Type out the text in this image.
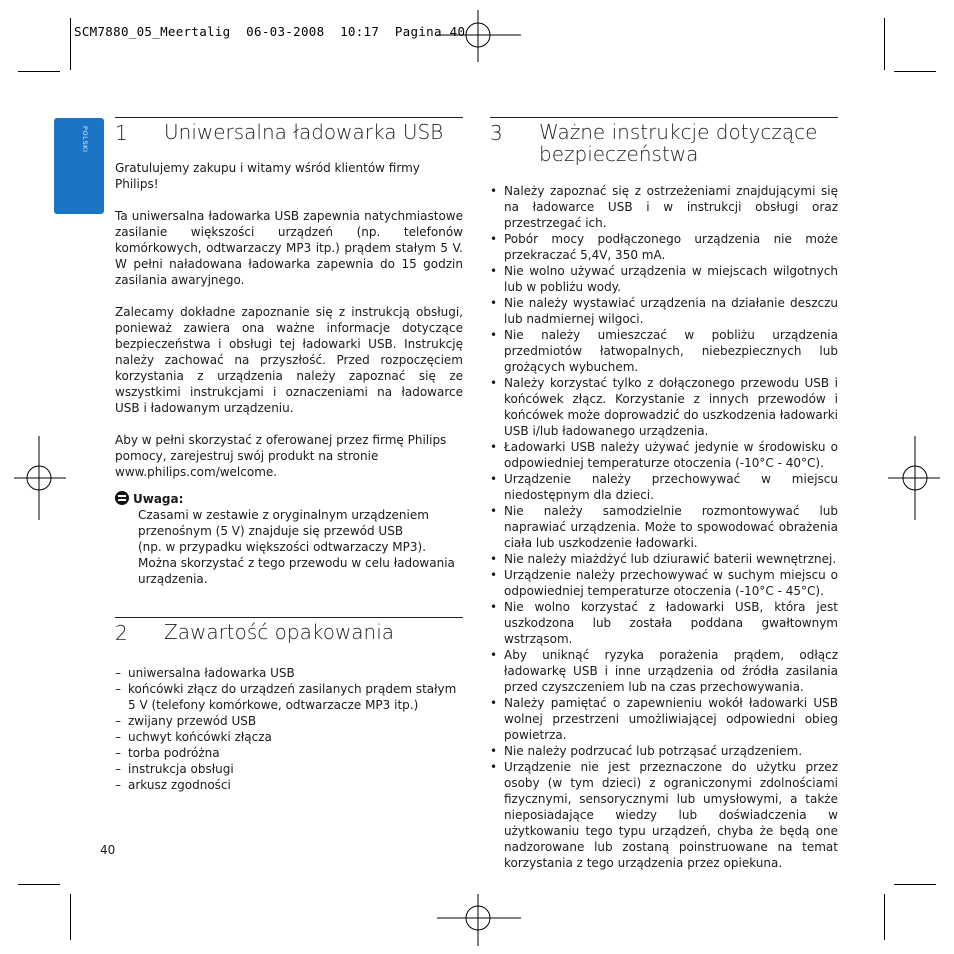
SCM7880_05_Meertalig  06-03-2008  10:17  Pagina 40
POLSKI 1 Uniwersalna ładowarka USB

Gratulujemy zakupu i witamy wśród klientów firmy Philips!

Ta uniwersalna ładowarka USB zapewnia natychmiastowe zasilanie większości urządzeń (np. telefonów komórkowych, odtwarzaczy MP3 itp.) prądem stałym 5 V. W pełni naładowana ładowarka zapewnia do 15 godzin zasilania awaryjnego.

Zalecamy dokładne zapoznanie się z instrukcją obsługi, ponieważ zawiera ona ważne informacje dotyczące bezpieczeństwa i obsługi tej ładowarki USB. Instrukcję należy zachować na przyszłość. Przed rozpoczęciem korzystania z urządzenia należy zapoznać się ze wszystkimi instrukcjami i oznaczeniami na ładowarce USB i ładowanym urządzeniu.

Aby w pełni skorzystać z oferowanej przez firmę Philips pomocy, zarejestruj swój produkt na stronie www.philips.com/welcome.

Uwaga:
Czasami w zestawie z oryginalnym urządzeniem
przenośnym (5 V) znajduje się przewód USB
(np. w przypadku większości odtwarzaczy MP3).
Można skorzystać z tego przewodu w celu ładowania
urządzenia.
2 Zawartość opakowania
– uniwersalna ładowarka USB
– końcówki złącz do urządzeń zasilanych prądem stałym 5 V (telefony komórkowe, odtwarzacze MP3 itp.)
– zwijany przewód USB
– uchwyt końcówki złącza
– torba podróżna
– instrukcja obsługi
– arkusz zgodności
3 Ważne instrukcje dotyczące
bezpieczeństwa
• Należy zapoznać się z ostrzeżeniami znajdującymi się na ładowarce USB i w instrukcji obsługi oraz przestrzegać ich.
• Pobór mocy podłączonego urządzenia nie może przekraczać 5,4V, 350 mA.
• Nie wolno używać urządzenia w miejscach wilgotnych lub w pobliżu wody.
• Nie należy wystawiać urządzenia na działanie deszczu lub nadmiernej wilgoci.
• Nie należy umieszczać w pobliżu urządzenia przedmiotów łatwopalnych, niebezpiecznych lub grożących wybuchem.
• Należy korzystać tylko z dołączonego przewodu USB i końcówek złącz. Korzystanie z innych przewodów i końcówek może doprowadzić do uszkodzenia ładowarki USB i/lub ładowanego urządzenia.
• Ładowarki USB należy używać jedynie w środowisku o odpowiedniej temperaturze otoczenia (-10°C - 40°C).
• Urządzenie należy przechowywać w miejscu niedostępnym dla dzieci.
• Nie należy samodzielnie rozmontowywać lub naprawiać urządzenia. Może to spowodować obrażenia ciała lub uszkodzenie ładowarki.
• Nie należy miażdżyć lub dziurawić baterii wewnętrznej.
• Urządzenie należy przechowywać w suchym miejscu o odpowiedniej temperaturze otoczenia (-10°C - 45°C).
• Nie wolno korzystać z ładowarki USB, która jest uszkodzona lub została poddana gwałtownym wstrząsom.
• Aby uniknąć ryzyka porażenia prądem, odłącz ładowarkę USB i inne urządzenia od źródła zasilania przed czyszczeniem lub na czas przechowywania.
• Należy pamiętać o zapewnieniu wokół ładowarki USB wolnej przestrzeni umożliwiającej odpowiedni obieg powietrza.
• Nie należy podrzucać lub potrząsać urządzeniem.
• Urządzenie nie jest przeznaczone do użytku przez osoby (w tym dzieci) z ograniczonymi zdolnościami fizycznymi, sensorycznymi lub umysłowymi, a także nieposiadające wiedzy lub doświadczenia w użytkowaniu tego typu urządzeń, chyba że będą one nadzorowane lub zostaną poinstruowane na temat korzystania z tego urządzenia przez opiekuna.
40
